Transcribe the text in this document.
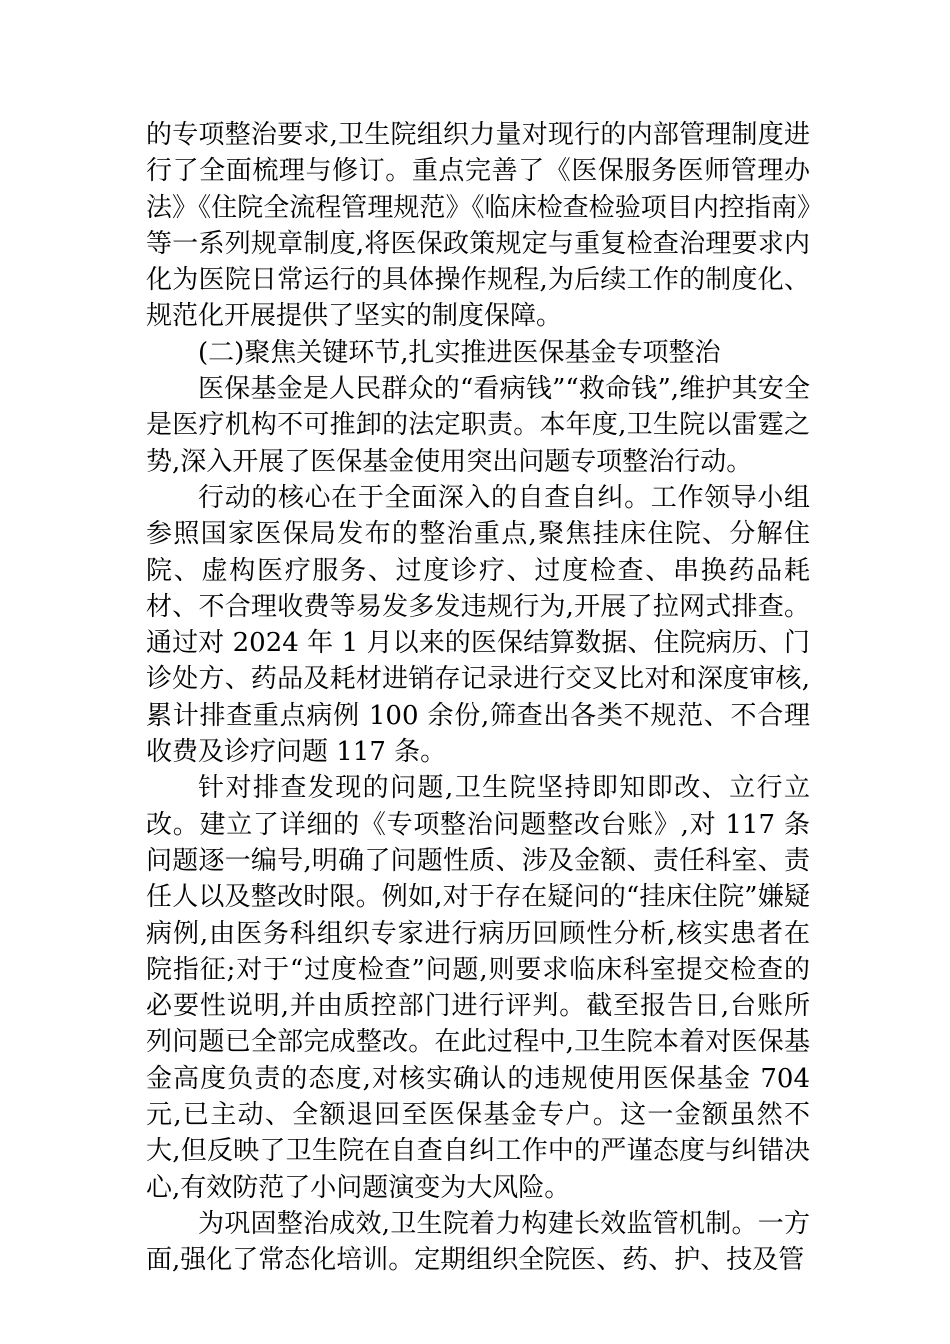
的专项整治要求,卫生院组织力量对现行的内部管理制度进行了全面梳理与修订。重点完善了《医保服务医师管理办法》《住院全流程管理规范》《临床检查检验项目内控指南》等一系列规章制度,将医保政策规定与重复检查治理要求内化为医院日常运行的具体操作规程,为后续工作的制度化、规范化开展提供了坚实的制度保障。

(二)聚焦关键环节,扎实推进医保基金专项整治

医保基金是人民群众的“看病钱”“救命钱”,维护其安全是医疗机构不可推卸的法定职责。本年度,卫生院以雷霆之势,深入开展了医保基金使用突出问题专项整治行动。

行动的核心在于全面深入的自查自纠。工作领导小组参照国家医保局发布的整治重点,聚焦挂床住院、分解住院、虚构医疗服务、过度诊疗、过度检查、串换药品耗材、不合理收费等易发多发违规行为,开展了拉网式排查。通过对 2024 年 1 月以来的医保结算数据、住院病历、门诊处方、药品及耗材进销存记录进行交叉比对和深度审核,累计排查重点病例 100 余份,筛查出各类不规范、不合理收费及诊疗问题 117 条。

针对排查发现的问题,卫生院坚持即知即改、立行立改。建立了详细的《专项整治问题整改台账》,对 117 条问题逐一编号,明确了问题性质、涉及金额、责任科室、责任人以及整改时限。例如,对于存在疑问的“挂床住院”嫌疑病例,由医务科组织专家进行病历回顾性分析,核实患者在院指征;对于“过度检查”问题,则要求临床科室提交检查的必要性说明,并由质控部门进行评判。截至报告日,台账所列问题已全部完成整改。在此过程中,卫生院本着对医保基金高度负责的态度,对核实确认的违规使用医保基金 704 元,已主动、全额退回至医保基金专户。这一金额虽然不大,但反映了卫生院在自查自纠工作中的严谨态度与纠错决心,有效防范了小问题演变为大风险。

为巩固整治成效,卫生院着力构建长效监管机制。一方面,强化了常态化培训。定期组织全院医、药、护、技及管
